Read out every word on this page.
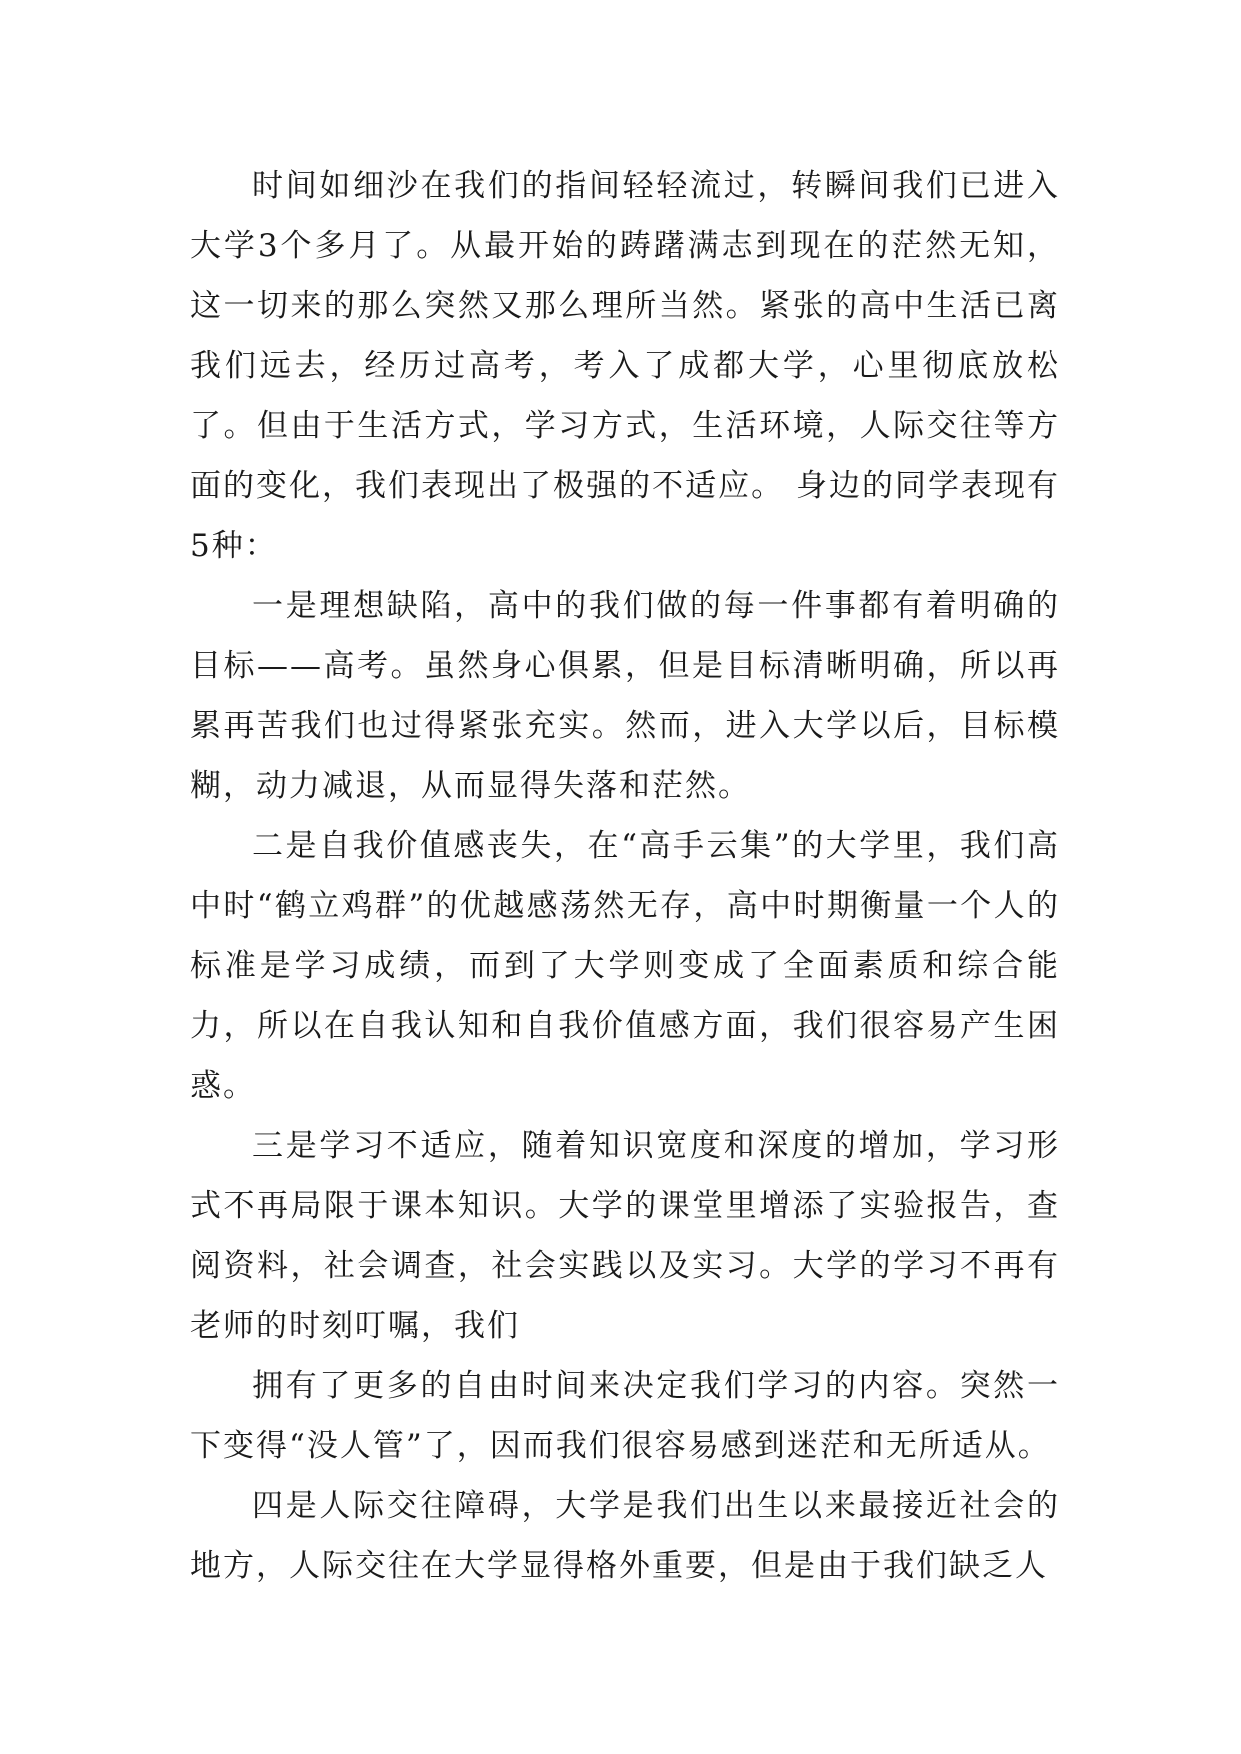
时间如细沙在我们的指间轻轻流过，转瞬间我们已进入大学3个多月了。从最开始的踌躇满志到现在的茫然无知，这一切来的那么突然又那么理所当然。紧张的高中生活已离我们远去，经历过高考，考入了成都大学，心里彻底放松了。但由于生活方式，学习方式，生活环境，人际交往等方面的变化，我们表现出了极强的不适应。 身边的同学表现有5种：

一是理想缺陷，高中的我们做的每一件事都有着明确的目标——高考。虽然身心俱累，但是目标清晰明确，所以再累再苦我们也过得紧张充实。然而，进入大学以后，目标模糊，动力减退，从而显得失落和茫然。

二是自我价值感丧失，在“高手云集”的大学里，我们高中时“鹤立鸡群”的优越感荡然无存，高中时期衡量一个人的标准是学习成绩，而到了大学则变成了全面素质和综合能力，所以在自我认知和自我价值感方面，我们很容易产生困惑。

三是学习不适应，随着知识宽度和深度的增加，学习形式不再局限于课本知识。大学的课堂里增添了实验报告，查阅资料，社会调查，社会实践以及实习。大学的学习不再有老师的时刻叮嘱，我们

拥有了更多的自由时间来决定我们学习的内容。突然一下变得“没人管”了，因而我们很容易感到迷茫和无所适从。

四是人际交往障碍，大学是我们出生以来最接近社会的地方，人际交往在大学显得格外重要，但是由于我们缺乏人
